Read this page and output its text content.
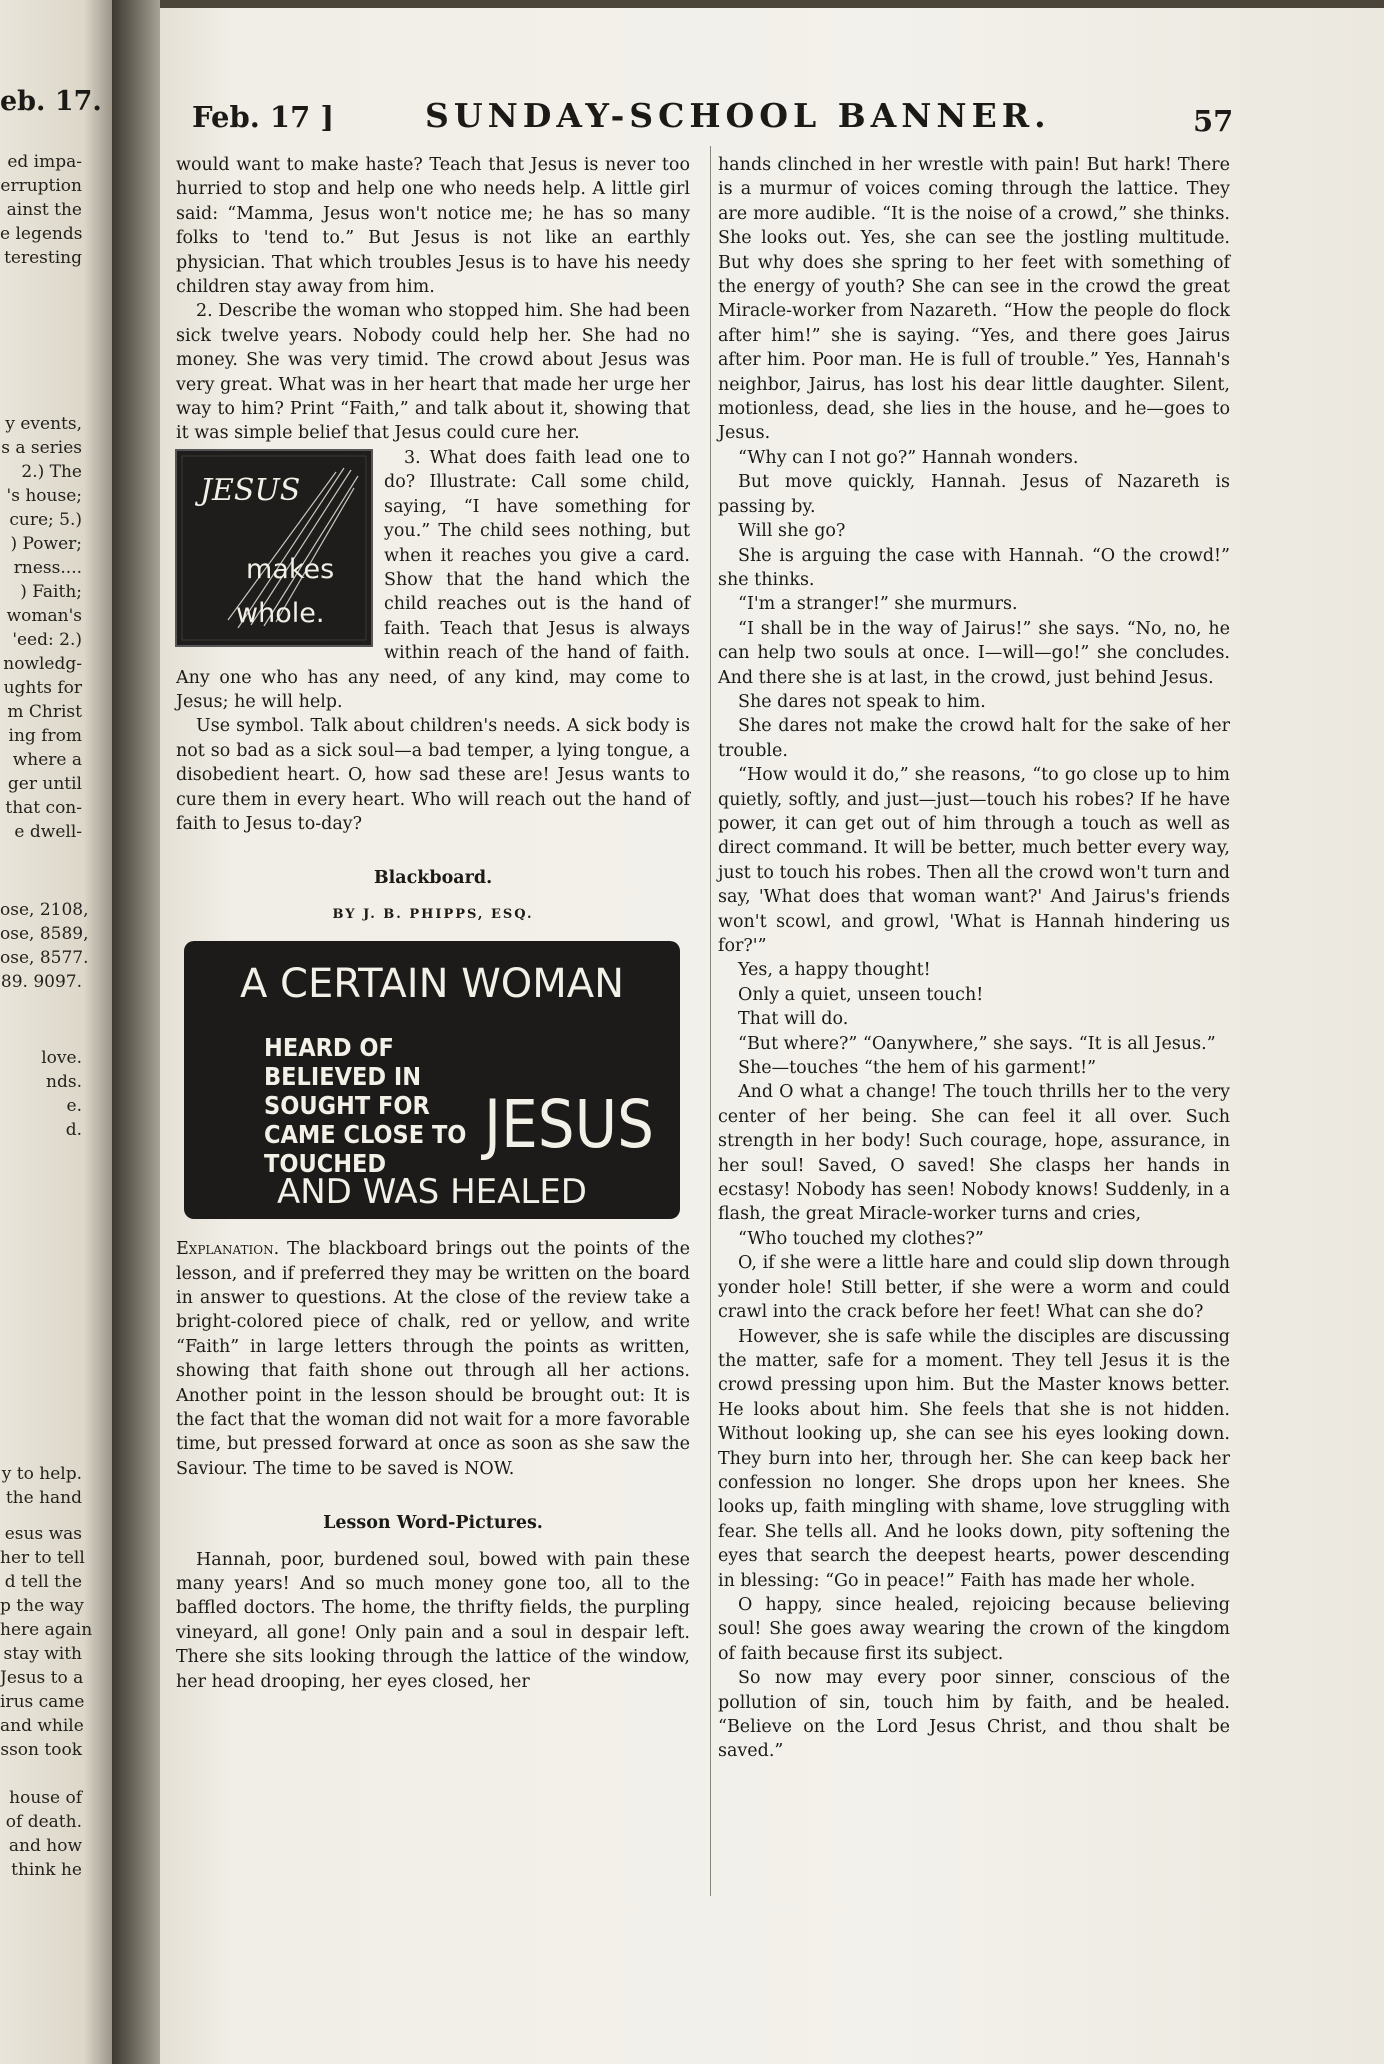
eb. 17.
ed impa-
erruption
ainst the
e legends
teresting
y events,
s a series
2.) The
's house;
cure; 5.)
) Power;
rness....
) Faith;
woman's
'eed: 2.)
nowledg-
ughts for
m Christ
ing from
where a
ger until
that con-
e dwell-
ose, 2108,
ose, 8589,
ose, 8577.
89. 9097.
love.
nds.
e.
d.
y to help.
the hand
esus was
her to tell
d tell the
p the way
here again
stay with
Jesus to a
irus came
and while
sson took
house of
of death.
and how
think he
Feb. 17 ]	SUNDAY-SCHOOL BANNER.	57

would want to make haste? Teach that Jesus is never too hurried to stop and help one who needs help. A little girl said: “Mamma, Jesus won't notice me; he has so many folks to 'tend to.” But Jesus is not like an earthly physician. That which troubles Jesus is to have his needy children stay away from him.

2. Describe the woman who stopped him. She had been sick twelve years. Nobody could help her. She had no money. She was very timid. The crowd about Jesus was very great. What was in her heart that made her urge her way to him? Print “Faith,” and talk about it, showing that it was simple belief that Jesus could cure her.

JESUS
makes
whole.

3. What does faith lead one to do? Illustrate: Call some child, saying, “I have something for you.” The child sees nothing, but when it reaches you give a card. Show that the hand which the child reaches out is the hand of faith. Teach that Jesus is always within reach of the hand of faith. Any one who has any need, of any kind, may come to Jesus; he will help.

Use symbol. Talk about children's needs. A sick body is not so bad as a sick soul—a bad temper, a lying tongue, a disobedient heart. O, how sad these are! Jesus wants to cure them in every heart. Who will reach out the hand of faith to Jesus to-day?

Blackboard.

BY J. B. PHIPPS, ESQ.

A CERTAIN WOMAN
HEARD OF
BELIEVED IN
SOUGHT FOR
CAME CLOSE TO
TOUCHED
JESUS
AND WAS HEALED

Explanation. The blackboard brings out the points of the lesson, and if preferred they may be written on the board in answer to questions. At the close of the review take a bright-colored piece of chalk, red or yellow, and write “Faith” in large letters through the points as written, showing that faith shone out through all her actions. Another point in the lesson should be brought out: It is the fact that the woman did not wait for a more favorable time, but pressed forward at once as soon as she saw the Saviour. The time to be saved is NOW.

Lesson Word-Pictures.

Hannah, poor, burdened soul, bowed with pain these many years! And so much money gone too, all to the baffled doctors. The home, the thrifty fields, the purpling vineyard, all gone! Only pain and a soul in despair left. There she sits looking through the lattice of the window, her head drooping, her eyes closed, her

hands clinched in her wrestle with pain! But hark! There is a murmur of voices coming through the lattice. They are more audible. “It is the noise of a crowd,” she thinks. She looks out. Yes, she can see the jostling multitude. But why does she spring to her feet with something of the energy of youth? She can see in the crowd the great Miracle-worker from Nazareth. “How the people do flock after him!” she is saying. “Yes, and there goes Jairus after him. Poor man. He is full of trouble.” Yes, Hannah's neighbor, Jairus, has lost his dear little daughter. Silent, motionless, dead, she lies in the house, and he—goes to Jesus.

“Why can I not go?” Hannah wonders.

But move quickly, Hannah. Jesus of Nazareth is passing by.

Will she go?

She is arguing the case with Hannah. “O the crowd!” she thinks.

“I'm a stranger!” she murmurs.

“I shall be in the way of Jairus!” she says. “No, no, he can help two souls at once. I—will—go!” she concludes. And there she is at last, in the crowd, just behind Jesus.

She dares not speak to him.

She dares not make the crowd halt for the sake of her trouble.

“How would it do,” she reasons, “to go close up to him quietly, softly, and just—just—touch his robes? If he have power, it can get out of him through a touch as well as direct command. It will be better, much better every way, just to touch his robes. Then all the crowd won't turn and say, 'What does that woman want?' And Jairus's friends won't scowl, and growl, 'What is Hannah hindering us for?'”

Yes, a happy thought!

Only a quiet, unseen touch!

That will do.

“But where?” “Oanywhere,” she says. “It is all Jesus.”

She—touches “the hem of his garment!”

And O what a change! The touch thrills her to the very center of her being. She can feel it all over. Such strength in her body! Such courage, hope, assurance, in her soul! Saved, O saved! She clasps her hands in ecstasy! Nobody has seen! Nobody knows! Suddenly, in a flash, the great Miracle-worker turns and cries,

“Who touched my clothes?”

O, if she were a little hare and could slip down through yonder hole! Still better, if she were a worm and could crawl into the crack before her feet! What can she do?

However, she is safe while the disciples are discussing the matter, safe for a moment. They tell Jesus it is the crowd pressing upon him. But the Master knows better. He looks about him. She feels that she is not hidden. Without looking up, she can see his eyes looking down. They burn into her, through her. She can keep back her confession no longer. She drops upon her knees. She looks up, faith mingling with shame, love struggling with fear. She tells all. And he looks down, pity softening the eyes that search the deepest hearts, power descending in blessing: “Go in peace!” Faith has made her whole.

O happy, since healed, rejoicing because believing soul! She goes away wearing the crown of the kingdom of faith because first its subject.

So now may every poor sinner, conscious of the pollution of sin, touch him by faith, and be healed. “Believe on the Lord Jesus Christ, and thou shalt be saved.”
